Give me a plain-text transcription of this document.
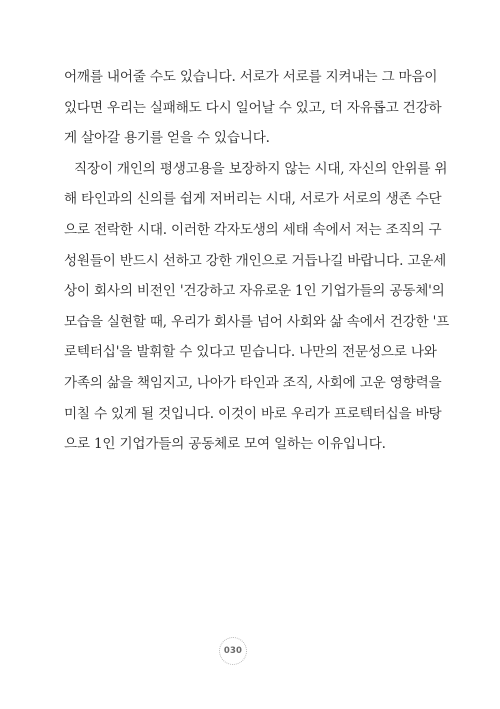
어깨를 내어줄 수도 있습니다. 서로가 서로를 지켜내는 그 마음이
있다면 우리는 실패해도 다시 일어날 수 있고, 더 자유롭고 건강하
게 살아갈 용기를 얻을 수 있습니다.
직장이 개인의 평생고용을 보장하지 않는 시대, 자신의 안위를 위
해 타인과의 신의를 쉽게 저버리는 시대, 서로가 서로의 생존 수단
으로 전락한 시대. 이러한 각자도생의 세태 속에서 저는 조직의 구
성원들이 반드시 선하고 강한 개인으로 거듭나길 바랍니다. 고운세
상이 회사의 비전인 '건강하고 자유로운 1인 기업가들의 공동체'의
모습을 실현할 때, 우리가 회사를 넘어 사회와 삶 속에서 건강한 '프
로텍터십'을 발휘할 수 있다고 믿습니다. 나만의 전문성으로 나와
가족의 삶을 책임지고, 나아가 타인과 조직, 사회에 고운 영향력을
미칠 수 있게 될 것입니다. 이것이 바로 우리가 프로텍터십을 바탕
으로 1인 기업가들의 공동체로 모여 일하는 이유입니다.
030
